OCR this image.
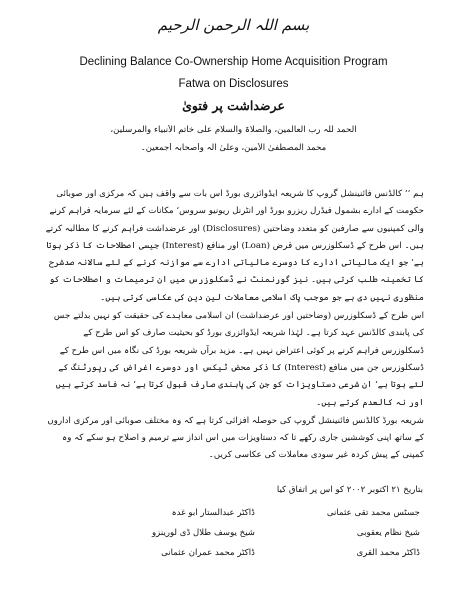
بسم اللہ الرحمن الرحیم
Declining Balance Co-Ownership Home Acquisition Program
Fatwa on Disclosures
عرضداشت پر فتویٰ
الحمد للہ رب العالمین، والصلاۃ والسلام علی خاتم الأنبیاء والمرسلین،
محمد المصطفیٰ الأمین، وعلیٰ آلہ وأصحابہ أجمعین۔

ہم ’’ کالڈنس فائنینشل گروپ کا شریعہ ایڈوائزری بورڈ اس بات سے واقف ہیں کہ مرکزی اور صوبائی حکومت کے ادارے بشمول فیڈرل ریزرو بورڈ اور انٹرنل ریونیو سروس‘ مکانات کے لئے سرمایہ فراہم کرنے والی کمپنیوں سے صارفین کو متعدد وضاحتیں (Disclosures) اور عرضداشت فراہم کرنے کا مطالبہ کرتے ہیں۔ اس طرح کے ڈسکلوزرس میں قرض (Loan) اور منافع (Interest) جیسی اصطلاحات کا ذکر ہوتا ہے‘ جو ایک مالیاتی ادارے کا دوسرے مالیاتی ادارے سے موازنہ کرنے کے لئے سالانہ صدشرح کا تخمینہ طلب کرتی ہیں۔ نیز گورنمنٹ نے ڈسکلوزرس میں ان ترمیمات و اصطلاحات کو منظوری نہیں دی ہے جو موجب پاک اسلامی معاملات لین دین کی عکاسی کرتی ہیں۔

اس طرح کے ڈسکلوزرس (وضاحتیں اور عرضداشت) ان اسلامی معاہدے کی حقیقت کو نہیں بدلتے جس کی پابندی کالڈنس عہد کرتا ہے۔ لہٰذا شریعہ ایڈوائزری بورڈ کو بحیثیت صارف کو اس طرح کے ڈسکلوزرس فراہم کرنے پر کوئی اعتراض نہیں ہے۔ مزید برآں شریعہ بورڈ کی نگاہ میں اس طرح کے ڈسکلوزرس جن میں منافع (Interest) کا ذکر محض ٹیکس اور دوسرے اغراض کی رپورٹنگ کے لئے ہوتا ہے‘ ان شرعی دستاویزات کو جن کی پابندی صارف قبول کرتا ہے‘ نہ فاسد کرتے ہیں اور نہ کالعدم کرتے ہیں۔

شریعہ بورڈ کالڈنس فائنینشل گروپ کی حوصلہ افزائی کرتا ہے کہ وہ مختلف صوبائی اور مرکزی اداروں کے ساتھ اپنی کوششیں جاری رکھے تا کہ دستاویزات میں اس انداز سے ترمیم و اصلاح ہو سکے کہ وہ کمپنی کے پیش کردہ غیر سودی معاملات کی عکاسی کریں۔

بتاریخ ۲۱ اکتوبر ۲۰۰۲ کو اس پر اتفاق کیا
جسٹس محمد تقی عثمانی
ڈاکٹر عبدالستار ابو غدہ
شیخ نظام یعقوبی
شیخ یوسف طلال ڈی لورینزو
ڈاکٹر محمد القری
ڈاکٹر محمد عمران عثمانی
